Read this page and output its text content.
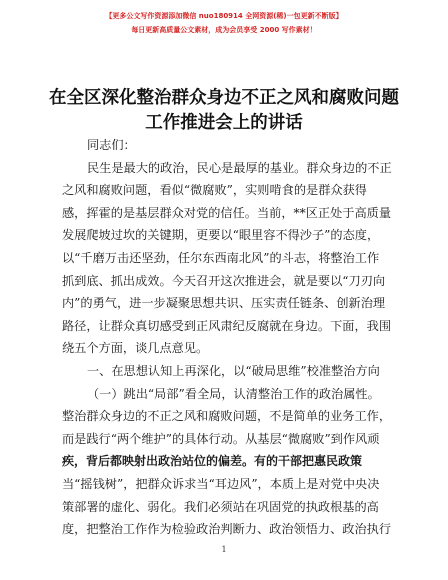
【更多公文写作资源添加微信 nuo180914 全网资源(稀)一包更新不断版】
每日更新高质量公文素材，成为会员享受 2000 写作素材！
在全区深化整治群众身边不正之风和腐败问题
工作推进会上的讲话

同志们：

民生是最大的政治，民心是最厚的基业。群众身边的不正

之风和腐败问题，看似“微腐败”，实则啃食的是群众获得

感，挥霍的是基层群众对党的信任。当前，**区正处于高质量

发展爬坡过坎的关键期，更要以“眼里容不得沙子”的态度，

以“千磨万击还坚劲，任尔东西南北风”的斗志，将整治工作

抓到底、抓出成效。今天召开这次推进会，就是要以“刀刃向

内”的勇气，进一步凝聚思想共识、压实责任链条、创新治理

路径，让群众真切感受到正风肃纪反腐就在身边。下面，我围

绕五个方面，谈几点意见。

一、在思想认知上再深化，以“破局思维”校准整治方向

（一）跳出“局部”看全局，认清整治工作的政治属性。

整治群众身边的不正之风和腐败问题，不是简单的业务工作，

而是践行“两个维护”的具体行动。从基层“微腐败”到作风顽

疾，背后都映射出政治站位的偏差。有的干部把惠民政策

当“摇钱树”，把群众诉求当“耳边风”，本质上是对党中央决

策部署的虚化、弱化。我们必须站在巩固党的执政根基的高

度，把整治工作作为检验政治判断力、政治领悟力、政治执行

1
